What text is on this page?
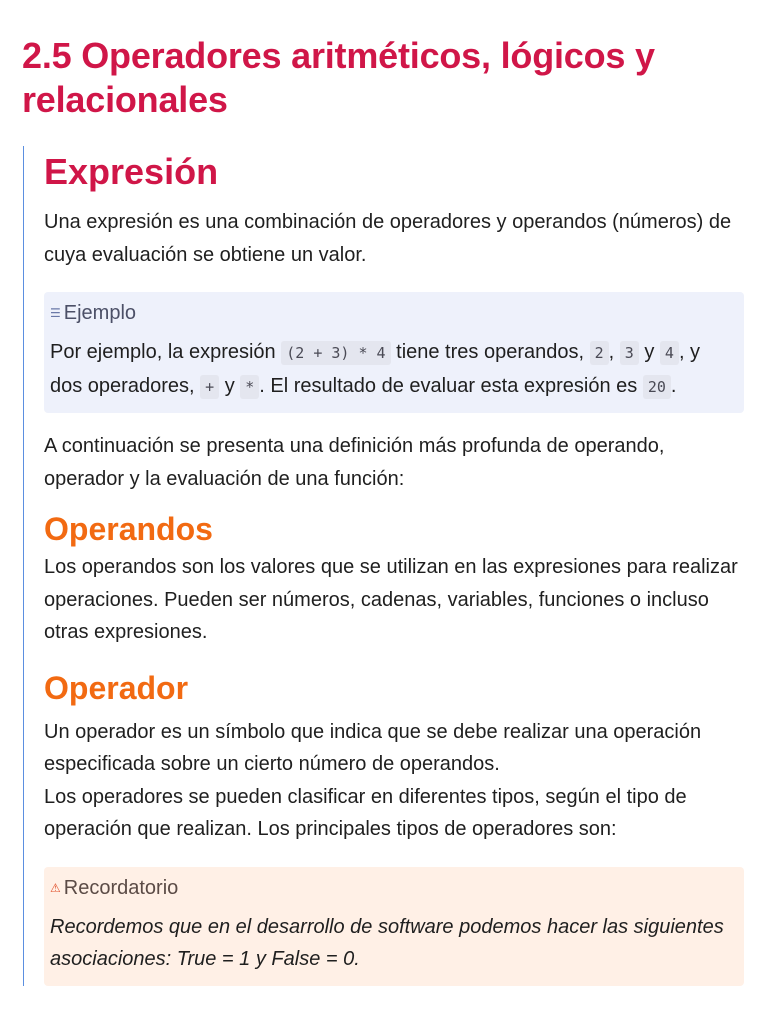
2.5 Operadores aritméticos, lógicos y relacionales
Expresión

Una expresión es una combinación de operadores y operandos (números) de cuya evaluación se obtiene un valor.

☰ Ejemplo

Por ejemplo, la expresión (2 + 3) * 4 tiene tres operandos, 2 , 3 y 4 , y dos operadores, + y * . El resultado de evaluar esta expresión es 20 .

A continuación se presenta una definición más profunda de operando, operador y la evaluación de una función:

Operandos

Los operandos son los valores que se utilizan en las expresiones para realizar operaciones. Pueden ser números, cadenas, variables, funciones o incluso otras expresiones.

Operador

Un operador es un símbolo que indica que se debe realizar una operación especificada sobre un cierto número de operandos.

Los operadores se pueden clasificar en diferentes tipos, según el tipo de operación que realizan. Los principales tipos de operadores son:

⚠ Recordatorio

Recordemos que en el desarrollo de software podemos hacer las siguientes asociaciones: True = 1 y False = 0.
